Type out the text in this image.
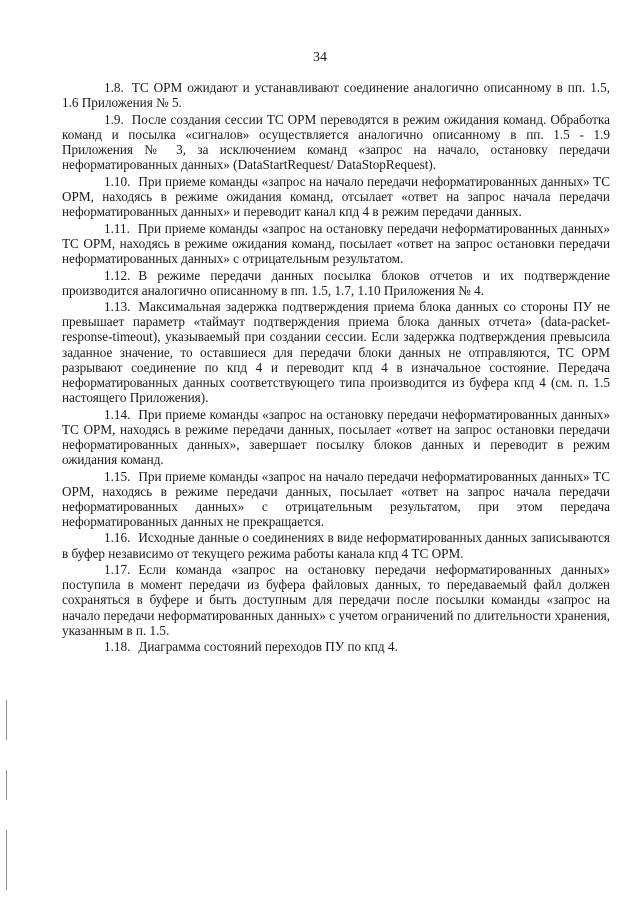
34

1.8. ТС ОРМ ожидают и устанавливают соединение аналогично описанному в пп. 1.5, 1.6 Приложения № 5.

1.9. После создания сессии ТС ОРМ переводятся в режим ожидания команд. Обработка команд и посылка «сигналов» осуществляется аналогично описанному в пп. 1.5 - 1.9 Приложения № 3, за исключением команд «запрос на начало, остановку передачи неформатированных данных» (DataStartRequest/ DataStopRequest).

1.10. При приеме команды «запрос на начало передачи неформатированных данных» ТС ОРМ, находясь в режиме ожидания команд, отсылает «ответ на запрос начала передачи неформатированных данных» и переводит канал кпд 4 в режим передачи данных.

1.11. При приеме команды «запрос на остановку передачи неформатированных данных» ТС ОРМ, находясь в режиме ожидания команд, посылает «ответ на запрос остановки передачи неформатированных данных» с отрицательным результатом.

1.12. В режиме передачи данных посылка блоков отчетов и их подтверждение производится аналогично описанному в пп. 1.5, 1.7, 1.10 Приложения № 4.

1.13. Максимальная задержка подтверждения приема блока данных со стороны ПУ не превышает параметр «таймаут подтверждения приема блока данных отчета» (data-packet-response-timeout), указываемый при создании сессии. Если задержка подтверждения превысила заданное значение, то оставшиеся для передачи блоки данных не отправляются, ТС ОРМ разрывают соединение по кпд 4 и переводит кпд 4 в изначальное состояние. Передача неформатированных данных соответствующего типа производится из буфера кпд 4 (см. п. 1.5 настоящего Приложения).

1.14. При приеме команды «запрос на остановку передачи неформатированных данных» ТС ОРМ, находясь в режиме передачи данных, посылает «ответ на запрос остановки передачи неформатированных данных», завершает посылку блоков данных и переводит в режим ожидания команд.

1.15. При приеме команды «запрос на начало передачи неформатированных данных» ТС ОРМ, находясь в режиме передачи данных, посылает «ответ на запрос начала передачи неформатированных данных» с отрицательным результатом, при этом передача неформатированных данных не прекращается.

1.16. Исходные данные о соединениях в виде неформатированных данных записываются в буфер независимо от текущего режима работы канала кпд 4 ТС ОРМ.

1.17. Если команда «запрос на остановку передачи неформатированных данных» поступила в момент передачи из буфера файловых данных, то передаваемый файл должен сохраняться в буфере и быть доступным для передачи после посылки команды «запрос на начало передачи неформатированных данных» с учетом ограничений по длительности хранения, указанным в п. 1.5.

1.18. Диаграмма состояний переходов ПУ по кпд 4.
